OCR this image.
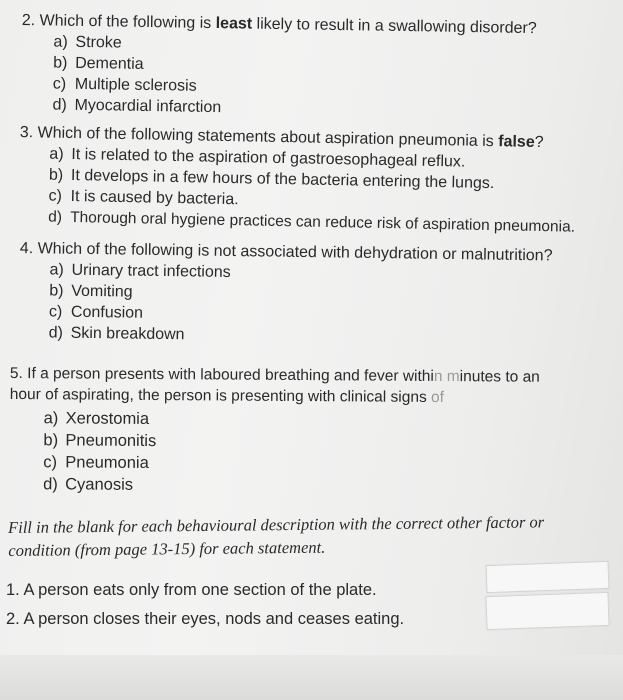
2. Which of the following is least likely to result in a swallowing disorder?
a) Stroke
b) Dementia
c) Multiple sclerosis
d) Myocardial infarction
3. Which of the following statements about aspiration pneumonia is false?
a) It is related to the aspiration of gastroesophageal reflux.
b) It develops in a few hours of the bacteria entering the lungs.
c) It is caused by bacteria.
d) Thorough oral hygiene practices can reduce risk of aspiration pneumonia.
4. Which of the following is not associated with dehydration or malnutrition?
a) Urinary tract infections
b) Vomiting
c) Confusion
d) Skin breakdown
5. If a person presents with laboured breathing and fever within minutes to an
hour of aspirating, the person is presenting with clinical signs of
a) Xerostomia
b) Pneumonitis
c) Pneumonia
d) Cyanosis
Fill in the blank for each behavioural description with the correct other factor or
condition (from page 13-15) for each statement.
1. A person eats only from one section of the plate.
2. A person closes their eyes, nods and ceases eating.
